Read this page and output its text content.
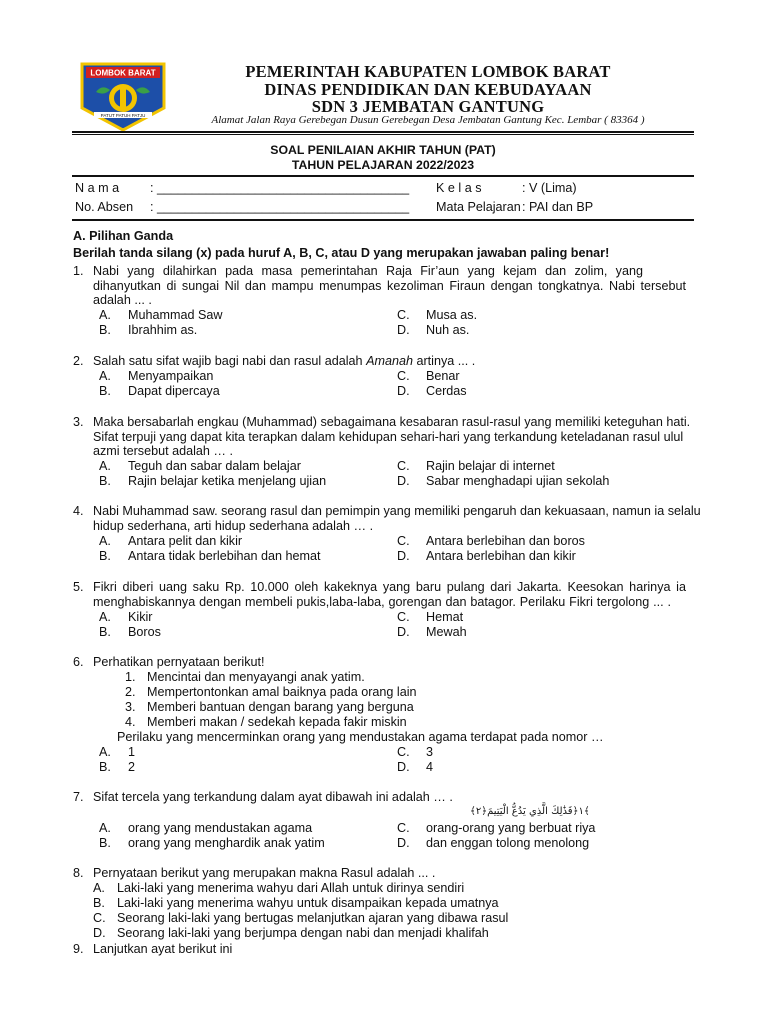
LOMBOK BARAT
PATUT PATUH PATJU
PEMERINTAH KABUPATEN LOMBOK BARAT
DINAS PENDIDIKAN DAN KEBUDAYAAN
SDN 3 JEMBATAN GANTUNG
Alamat Jalan Raya Gerebegan Dusun Gerebegan Desa Jembatan Gantung Kec. Lembar ( 83364 )
SOAL PENILAIAN AKHIR TAHUN (PAT)
TAHUN PELAJARAN 2022/2023
N a m a : ____________________________________
No. Absen : ____________________________________
K e l a s	: V (Lima)
Mata Pelajaran : PAI dan BP
A. Pilihan Ganda
Berilah tanda silang (x) pada huruf A, B, C, atau D yang merupakan jawaban paling benar!
1. Nabi yang dilahirkan pada masa pemerintahan Raja Fir’aun yang kejam dan zolim, yang
dihanyutkan di sungai Nil dan mampu menumpas kezoliman Firaun dengan tongkatnya. Nabi tersebut
adalah ... .
A. Muhammad Saw
B. Ibrahhim as.
C. Musa as.
D. Nuh as.
2. Salah satu sifat wajib bagi nabi dan rasul adalah Amanah artinya ... .
A. Menyampaikan
B. Dapat dipercaya
C. Benar
D. Cerdas
3. Maka bersabarlah engkau (Muhammad) sebagaimana kesabaran rasul-rasul yang memiliki keteguhan hati.
Sifat terpuji yang dapat kita terapkan dalam kehidupan sehari-hari yang terkandung keteladanan rasul ulul
azmi tersebut adalah … .
A. Teguh dan sabar dalam belajar
B. Rajin belajar ketika menjelang ujian
C. Rajin belajar di internet
D. Sabar menghadapi ujian sekolah
4. Nabi Muhammad saw. seorang rasul dan pemimpin yang memiliki pengaruh dan kekuasaan, namun ia selalu
hidup sederhana, arti hidup sederhana adalah … .
A. Antara pelit dan kikir
B. Antara tidak berlebihan dan hemat
C. Antara berlebihan dan boros
D. Antara berlebihan dan kikir
5. Fikri diberi uang saku Rp. 10.000 oleh kakeknya yang baru pulang dari Jakarta. Keesokan harinya ia
menghabiskannya dengan membeli pukis,laba-laba, gorengan dan batagor. Perilaku Fikri tergolong ... .
A. Kikir
B. Boros
C. Hemat
D. Mewah
6. Perhatikan pernyataan berikut!
1. Mencintai dan menyayangi anak yatim.
2. Mempertontonkan amal baiknya pada orang lain
3. Memberi bantuan dengan barang yang berguna
4. Memberi makan / sedekah kepada fakir miskin
Perilaku yang mencerminkan orang yang mendustakan agama terdapat pada nomor …
A. 1
B. 2
C. 3
D. 4
7. Sifat tercela yang terkandung dalam ayat dibawah ini adalah … .
﴾١﴿فَذَٰلِكَ الَّذِي يَدُعُّ الْيَتِيمَ﴿٢﴾
A. orang yang mendustakan agama
B. orang yang menghardik anak yatim
C. orang-orang yang berbuat riya
D. dan enggan tolong menolong
8. Pernyataan berikut yang merupakan makna Rasul adalah ... .
A. Laki-laki yang menerima wahyu dari Allah untuk dirinya sendiri
B. Laki-laki yang menerima wahyu untuk disampaikan kepada umatnya
C. Seorang laki-laki yang bertugas melanjutkan ajaran yang dibawa rasul
D. Seorang laki-laki yang berjumpa dengan nabi dan menjadi khalifah
9. Lanjutkan ayat berikut ini
